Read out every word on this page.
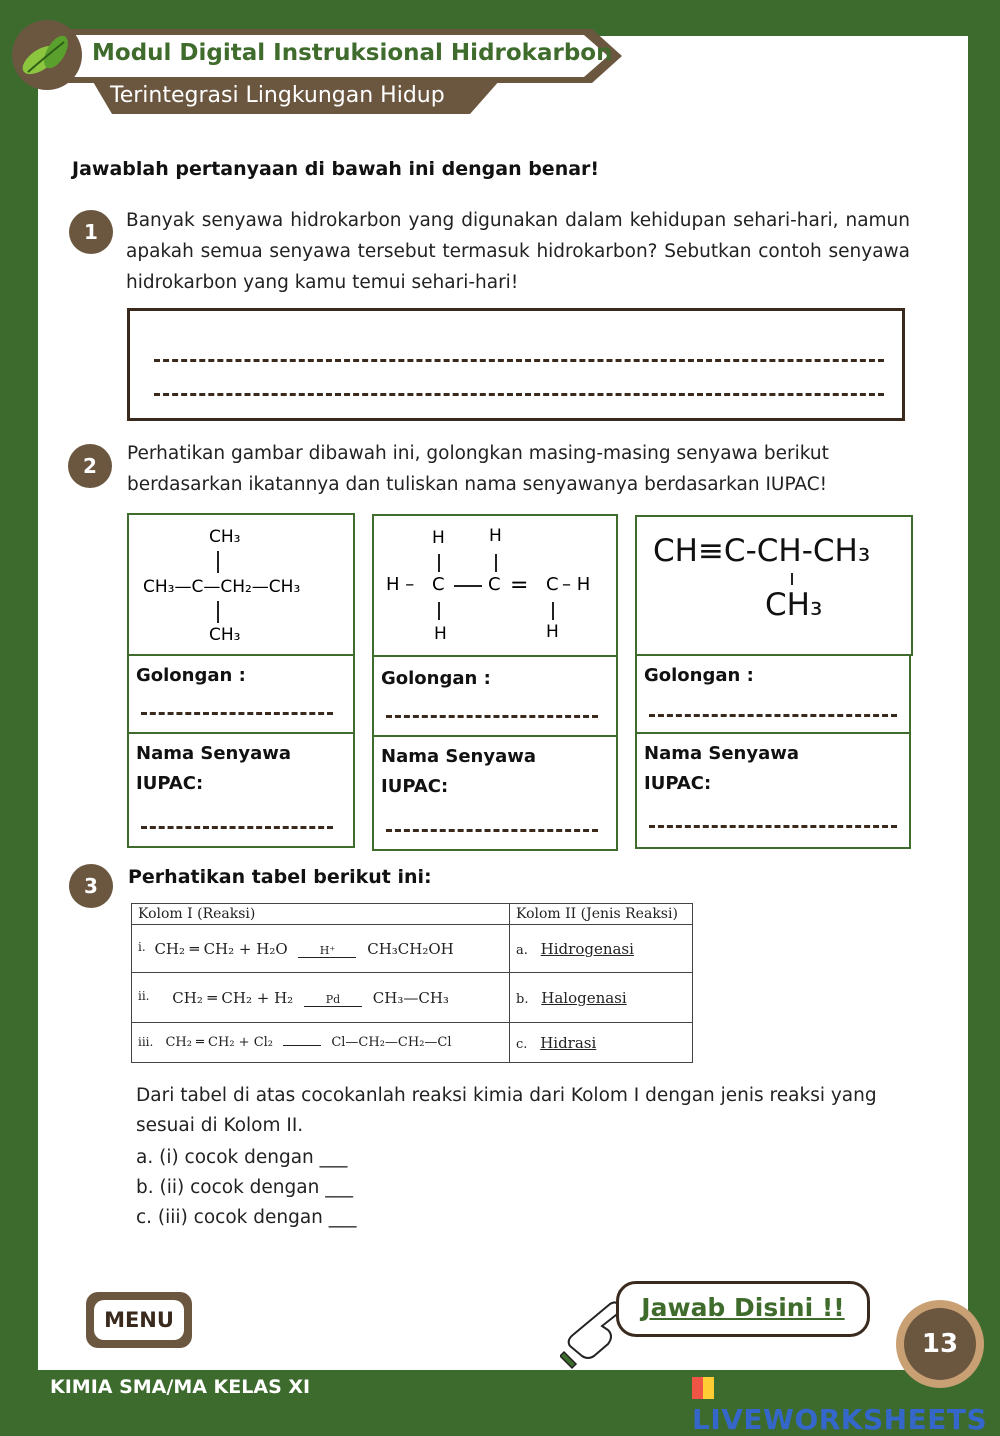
Modul Digital Instruksional Hidrokarbon
Terintegrasi Lingkungan Hidup
Jawablah pertanyaan di bawah ini dengan benar!
1	Banyak senyawa hidrokarbon yang digunakan dalam kehidupan sehari-hari, namun apakah semua senyawa tersebut termasuk hidrokarbon? Sebutkan contoh senyawa hidrokarbon yang kamu temui sehari-hari!
2
Perhatikan gambar dibawah ini, golongkan masing-masing senyawa berikut berdasarkan ikatannya dan tuliskan nama senyawanya berdasarkan IUPAC!
CH₃
CH₃—C—CH₂—CH₃
CH₃
Golongan :
Nama Senyawa
IUPAC:
H	H
H – C C = C – H
H	H
Golongan :
Nama Senyawa
IUPAC:
CH≡C-CH-CH₃
CH₃
Golongan :
Nama Senyawa
IUPAC:
3	Perhatikan tabel berikut ini:
Kolom I (Reaksi)	Kolom II (Jenis Reaksi)
$^{i.}$ CH₂ ═ CH₂ + H₂O H⁺ CH₃CH₂OH	a. Hidrogenasi
$^{ii.}$ CH₂ ═ CH₂ + H₂ Pd CH₃—CH₃	b. Halogenasi
iii. CH₂ ═ CH₂ + Cl₂ Cl—CH₂—CH₂—Cl	c. Hidrasi
Dari tabel di atas cocokanlah reaksi kimia dari Kolom I dengan jenis reaksi yang sesuai di Kolom II.
a. (i) cocok dengan ___
b. (ii) cocok dengan ___
c. (iii) cocok dengan ___
MENU	Jawab Disini !!
13
KIMIA SMA/MA KELAS XI
LIVEWORKSHEETS
